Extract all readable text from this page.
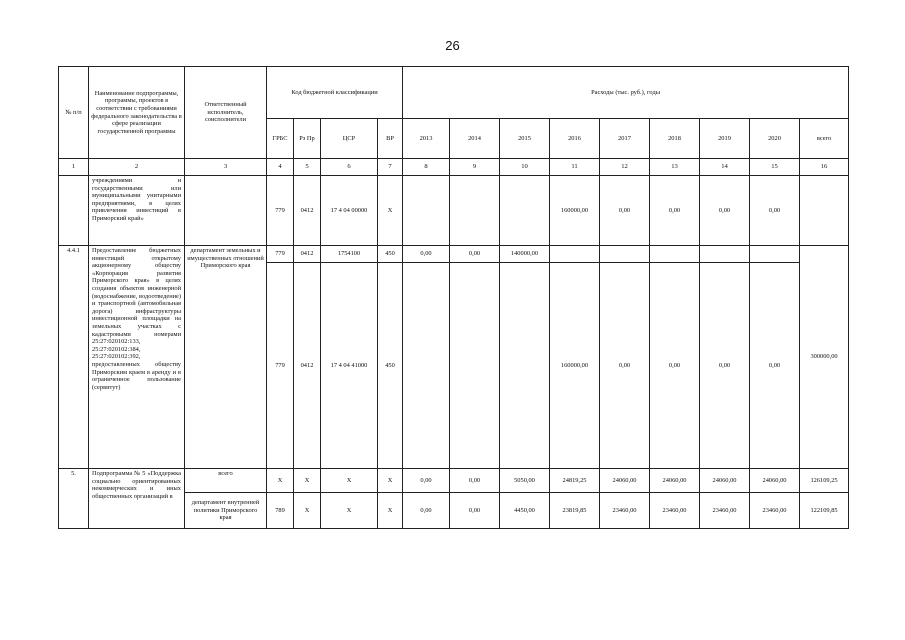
26
№ п/п	Наименование подпрограммы, программы, проектов в соответствии с требованиями федерального законодательства в сфере реализации государственной программы	Ответственный исполнитель, соисполнители	Код бюджетной классификации				Расходы (тыс. руб.), годы								
			ГРБС	Рз Пр	ЦСР	ВР	2013	2014	2015	2016	2017	2018	2019	2020	всего
1	2	3	4	5	6	7	8	9	10	11	12	13	14	15	16
	учреждениями и государственными или муниципальными унитарными предприятиями, в целях привлечения инвестиций в Приморский край»		779	0412	17 4 04 00000	X				160000,00	0,00	0,00	0,00	0,00	
4.4.1	Предоставление бюджетных инвестиций открытому акционерному обществу «Корпорация развития Приморского края» в целях создания объектов инженерной (водоснабжение, водоотведение) и транспортной (автомобильная дорога) инфраструктуры инвестиционной площадки на земельных участках с кадастровыми номерами 25:27:020102:133, 25:27:020102:384, 25:27:020102:392, предоставленных обществу Приморским краем в аренду и в ограниченное пользование (сервитут)	департамент земельных и имущественных отношений Приморского края	779	0412	1754100	450	0,00	0,00	140000,00						300000,00
			779	0412	17 4 04 41000	450				160000,00	0,00	0,00	0,00	0,00	
5.	Подпрограмма № 5 «Поддержка социально ориентированных некоммерческих и иных общественных организаций в	всего	X	X	X	X	0,00	0,00	5050,00	24819,25	24060,00	24060,00	24060,00	24060,00	126109,25
		департамент внутренней политики Приморского края	789	X	X	X	0,00	0,00	4450,00	23819,85	23460,00	23460,00	23460,00	23460,00	122109,85
